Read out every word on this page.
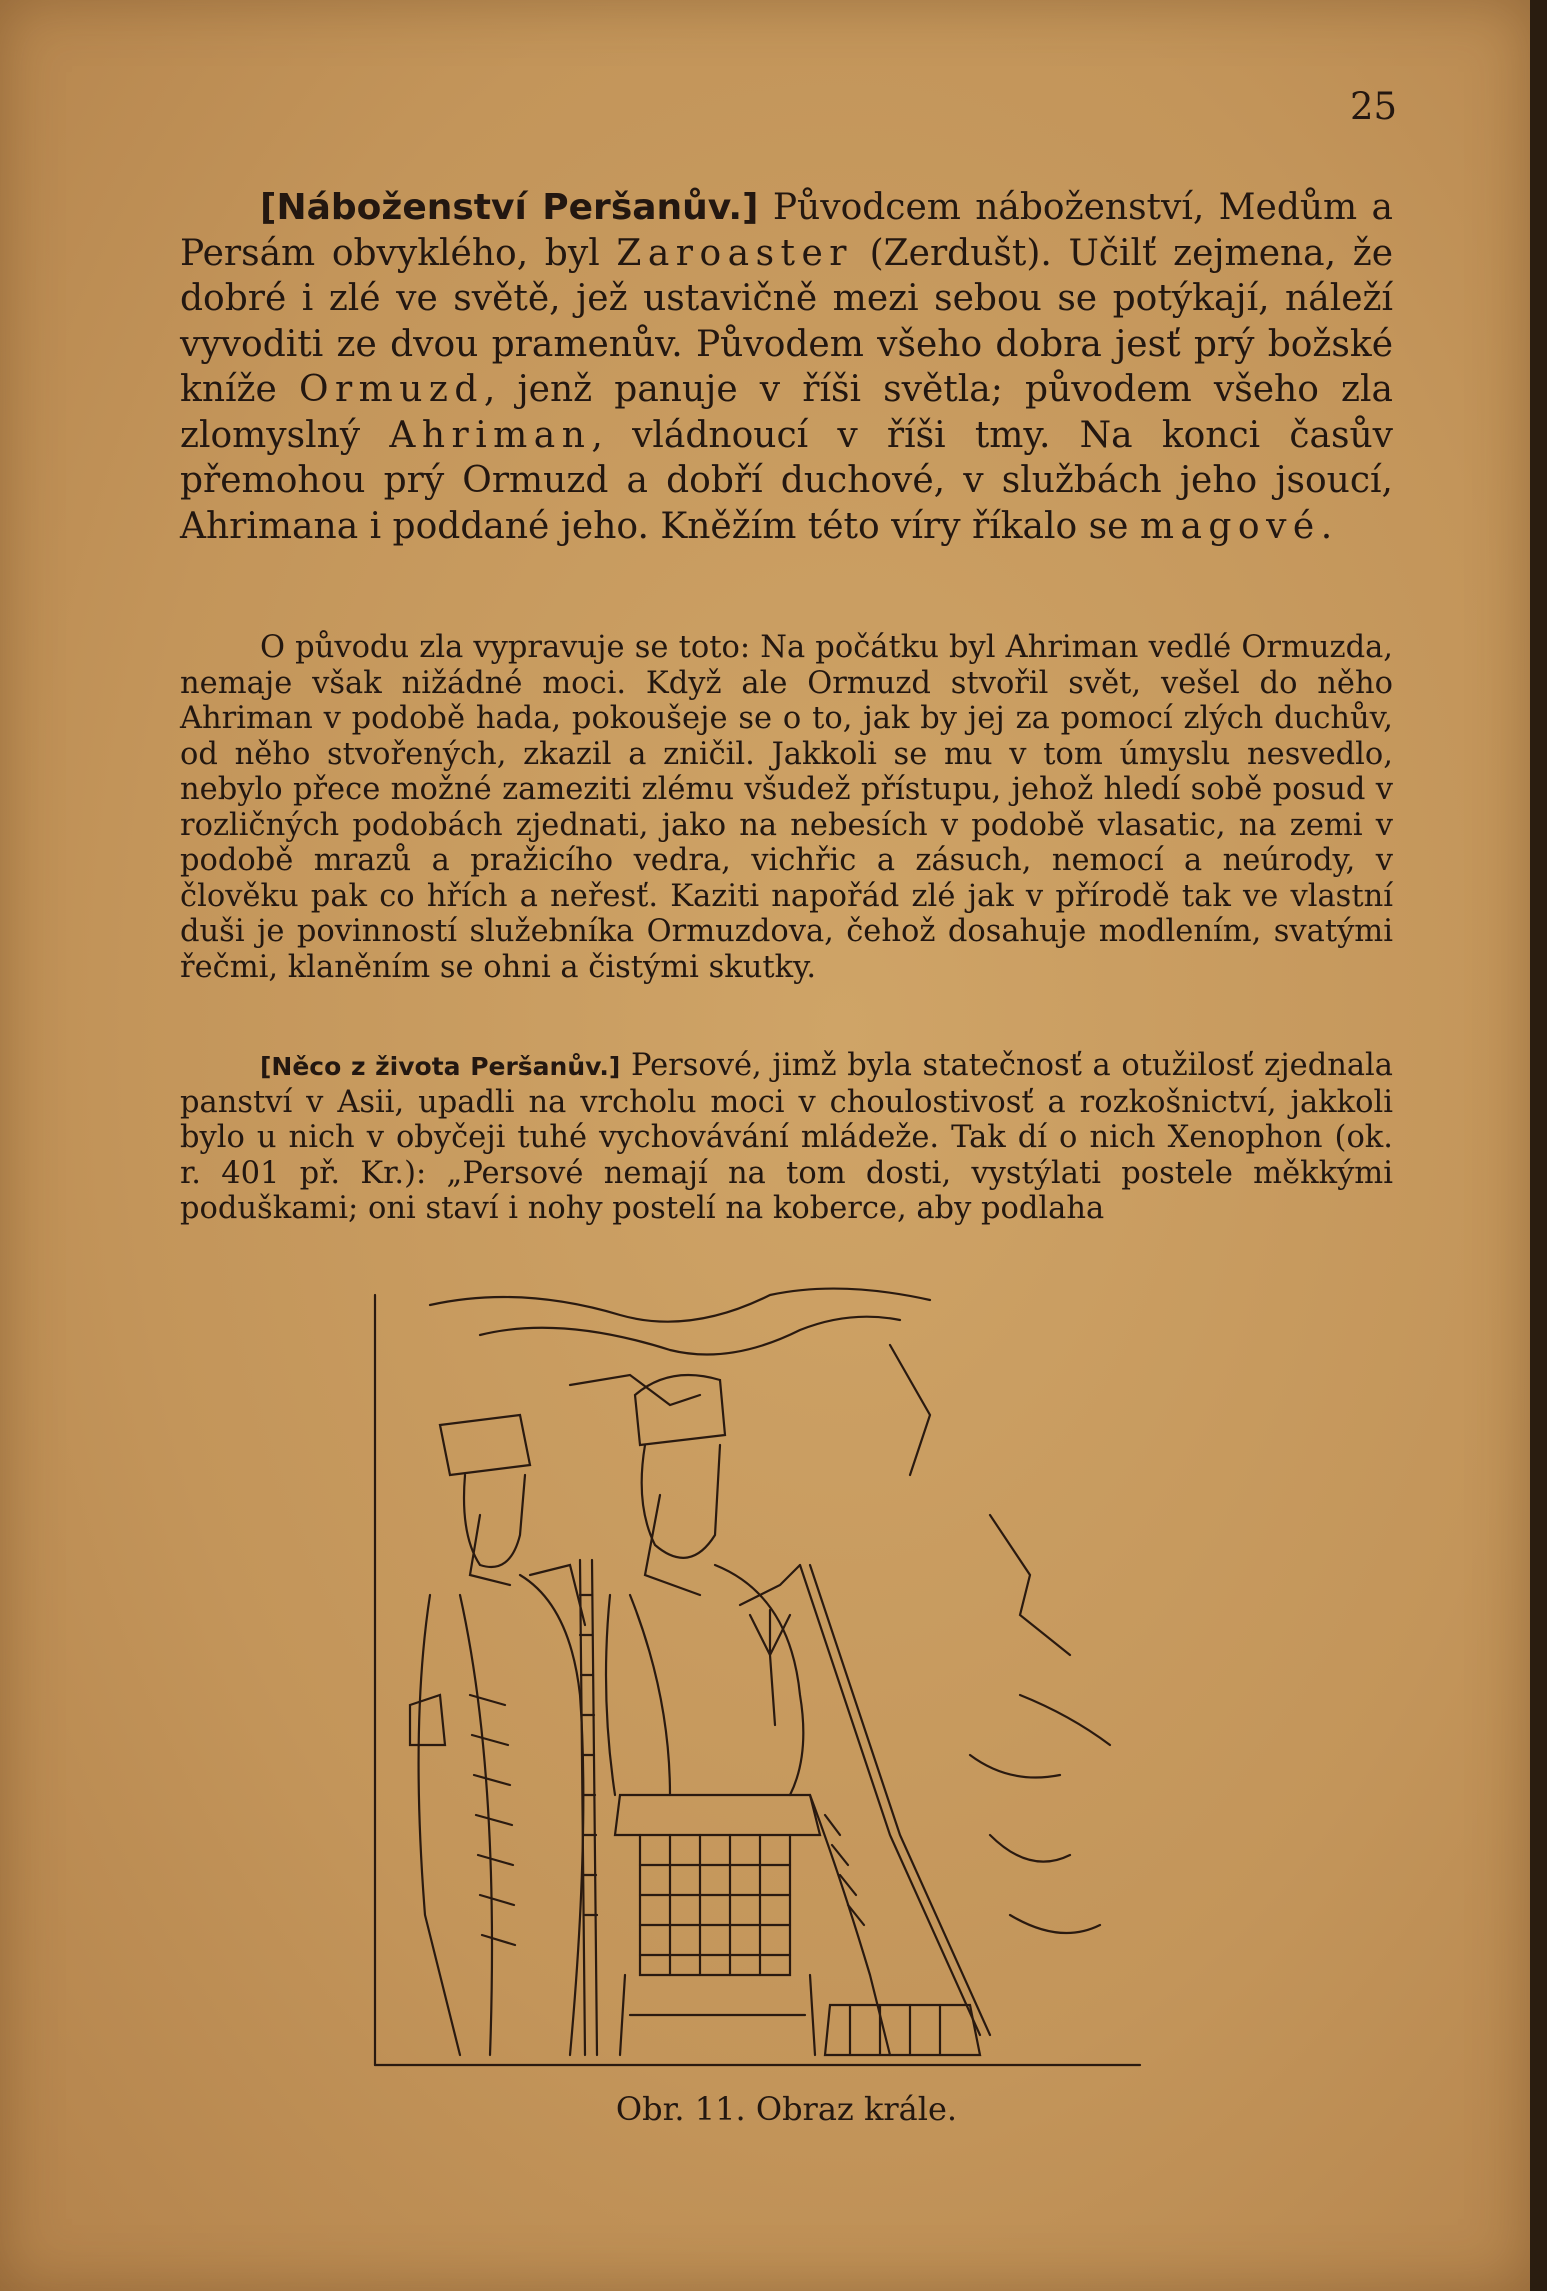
25

[Náboženství Peršanův.] Původcem náboženství, Medům a Persám obvyklého, byl Zaroaster (Zerdušt). Učilť zejmena, že dobré i zlé ve světě, jež ustavičně mezi sebou se potýkají, náleží vyvoditi ze dvou pramenův. Původem všeho dobra jesť prý božské kníže Ormuzd, jenž panuje v říši světla; původem všeho zla zlomyslný Ahriman, vládnoucí v říši tmy. Na konci časův přemohou prý Ormuzd a dobří duchové, v službách jeho jsoucí, Ahrimana i poddané jeho. Kněžím této víry říkalo se magové.

O původu zla vypravuje se toto: Na počátku byl Ahriman vedlé Ormuzda, nemaje však nižádné moci. Když ale Ormuzd stvořil svět, vešel do něho Ahriman v podobě hada, pokoušeje se o to, jak by jej za pomocí zlých duchův, od něho stvořených, zkazil a zničil. Jakkoli se mu v tom úmyslu nesvedlo, nebylo přece možné zameziti zlému všudež přístupu, jehož hledí sobě posud v rozličných podobách zjednati, jako na nebesích v podobě vlasatic, na zemi v podobě mrazů a pražicího vedra, vichřic a zásuch, nemocí a neúrody, v člověku pak co hřích a neřesť. Kaziti napořád zlé jak v přírodě tak ve vlastní duši je povinností služebníka Ormuzdova, čehož dosahuje modlením, svatými řečmi, klaněním se ohni a čistými skutky.

[Něco z života Peršanův.] Persové, jimž byla statečnosť a otužilosť zjednala panství v Asii, upadli na vrcholu moci v choulostivosť a rozkošnictví, jakkoli bylo u nich v obyčeji tuhé vychovávání mládeže. Tak dí o nich Xenophon (ok. r. 401 př. Kr.): „Persové nemají na tom dosti, vystýlati postele měkkými poduškami; oni staví i nohy postelí na koberce, aby podlaha

Obr. 11. Obraz krále.
